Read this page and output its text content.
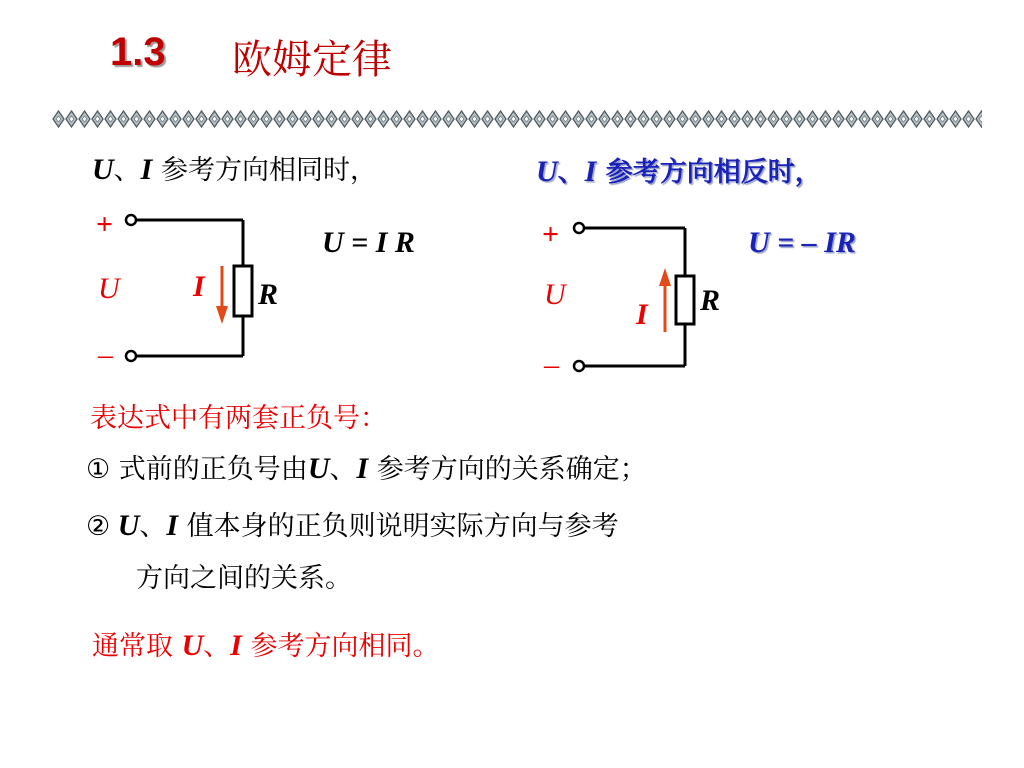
1.3 欧姆定律
U、I 参考方向相同时，	U、I 参考方向相反时，
+
–
U I R
U = I R	+
–
U
I R
U = – IR
表达式中有两套正负号：
① 式前的正负号由U、I 参考方向的关系确定；
② U、I 值本身的正负则说明实际方向与参考
方向之间的关系。
通常取 U、I 参考方向相同。
